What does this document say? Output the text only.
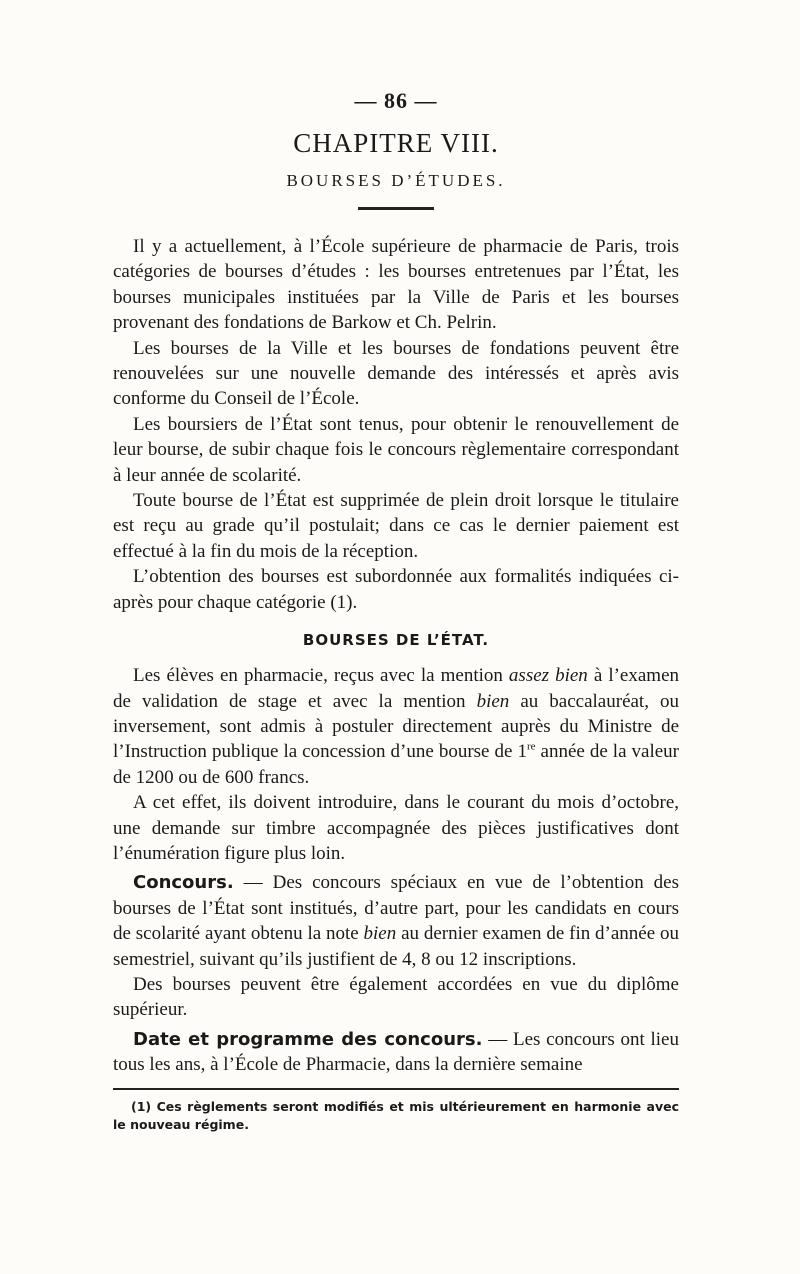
— 86 —
CHAPITRE VIII.
BOURSES D’ÉTUDES.

Il y a actuellement, à l’École supérieure de pharmacie de Paris, trois catégories de bourses d’études : les bourses entretenues par l’État, les bourses municipales instituées par la Ville de Paris et les bourses provenant des fondations de Barkow et Ch. Pelrin.

Les bourses de la Ville et les bourses de fondations peuvent être renouvelées sur une nouvelle demande des intéressés et après avis conforme du Conseil de l’École.

Les boursiers de l’État sont tenus, pour obtenir le renouvellement de leur bourse, de subir chaque fois le concours règlementaire correspondant à leur année de scolarité.

Toute bourse de l’État est supprimée de plein droit lorsque le titulaire est reçu au grade qu’il postulait; dans ce cas le dernier paiement est effectué à la fin du mois de la réception.

L’obtention des bourses est subordonnée aux formalités indiquées ci-après pour chaque catégorie (1).

BOURSES DE L’ÉTAT.

Les élèves en pharmacie, reçus avec la mention assez bien à l’examen de validation de stage et avec la mention bien au baccalauréat, ou inversement, sont admis à postuler directement auprès du Ministre de l’Instruction publique la concession d’une bourse de 1re année de la valeur de 1200 ou de 600 francs.

A cet effet, ils doivent introduire, dans le courant du mois d’octobre, une demande sur timbre accompagnée des pièces justificatives dont l’énumération figure plus loin.

Concours. — Des concours spéciaux en vue de l’obtention des bourses de l’État sont institués, d’autre part, pour les candidats en cours de scolarité ayant obtenu la note bien au dernier examen de fin d’année ou semestriel, suivant qu’ils justifient de 4, 8 ou 12 inscriptions.

Des bourses peuvent être également accordées en vue du diplôme supérieur.

Date et programme des concours. — Les concours ont lieu tous les ans, à l’École de Pharmacie, dans la dernière semaine

(1) Ces règlements seront modifiés et mis ultérieurement en harmonie avec le nouveau régime.
